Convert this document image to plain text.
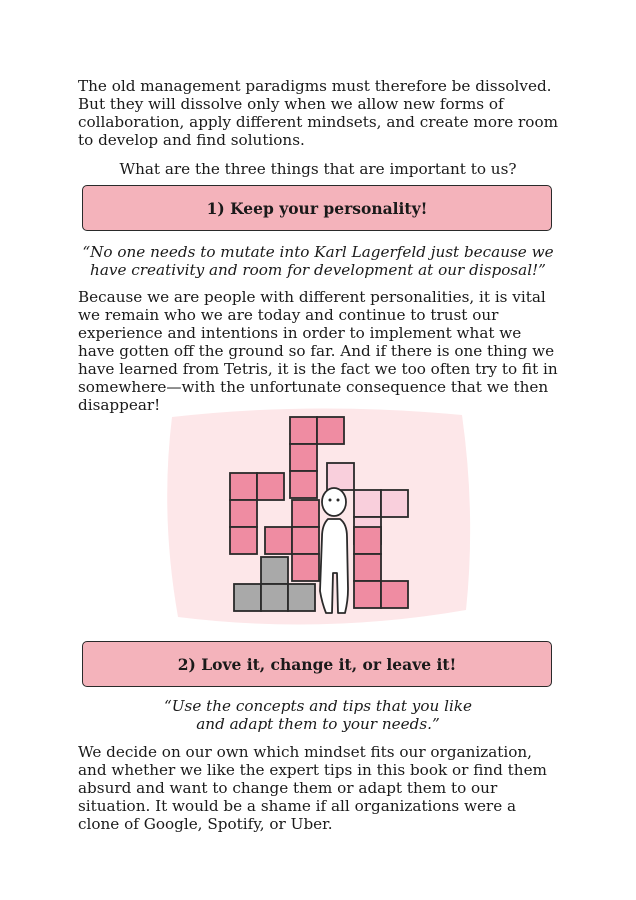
The old management paradigms must therefore be dissolved. But they will dissolve only when we allow new forms of collaboration, apply different mindsets, and create more room to develop and find solutions.

What are the three things that are important to us?

1) Keep your personality!

“No one needs to mutate into Karl Lagerfeld just because we have creativity and room for development at our disposal!”

Because we are people with different personalities, it is vital we remain who we are today and continue to trust our experience and intentions in order to implement what we have gotten off the ground so far. And if there is one thing we have learned from Tetris, it is the fact we too often try to fit in somewhere—with the unfortunate consequence that we then disappear!

2) Love it, change it, or leave it!

“Use the concepts and tips that you like
and adapt them to your needs.”

We decide on our own which mindset fits our organization, and whether we like the expert tips in this book or find them absurd and want to change them or adapt them to our situation. It would be a shame if all organizations were a clone of Google, Spotify, or Uber.
